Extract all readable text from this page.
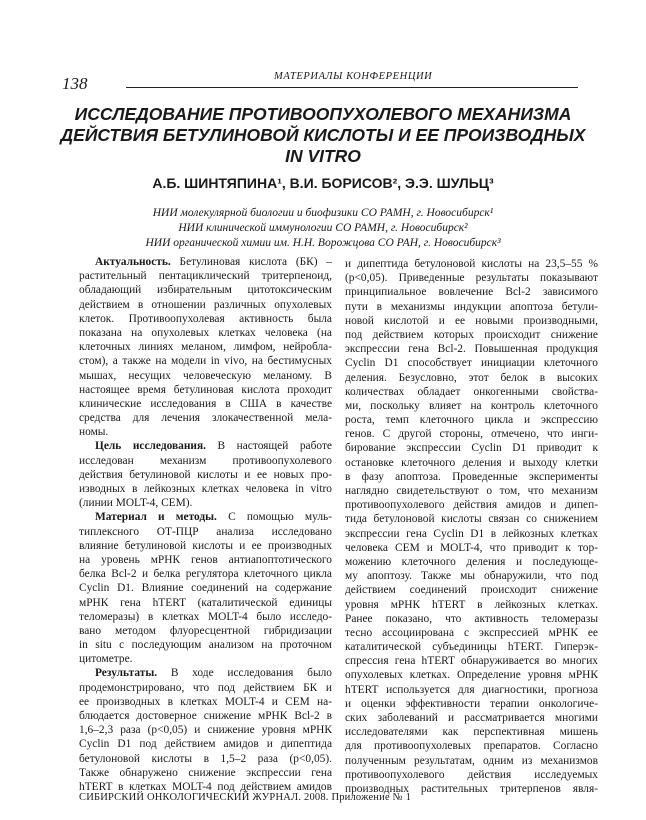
138	МАТЕРИАЛЫ КОНФЕРЕНЦИИ
ИССЛЕДОВАНИЕ ПРОТИВООПУХОЛЕВОГО МЕХАНИЗМА
ДЕЙСТВИЯ БЕТУЛИНОВОЙ КИСЛОТЫ И ЕЕ ПРОИЗВОДНЫХ
IN VITRO
А.Б. ШИНТЯПИНА¹, В.И. БОРИСОВ², Э.Э. ШУЛЬЦ³
НИИ молекулярной биологии и биофизики СО РАМН, г. Новосибирск¹
НИИ клинической иммунологии СО РАМН, г. Новосибирск²
НИИ органической химии им. Н.Н. Ворожцова СО РАН, г. Новосибирск³
Актуальность. Бетулиновая кислота (БК) –
растительный пентациклический тритерпеноид,
обладающий избирательным цитотоксическим
действием в отношении различных опухолевых
клеток. Противоопухолевая активность была
показана на опухолевых клетках человека (на
клеточных линиях меланом, лимфом, нейробла-
стом), а также на модели in vivo, на бестимусных
мышах, несущих человеческую меланому. В
настоящее время бетулиновая кислота проходит
клинические исследования в США в качестве
средства для лечения злокачественной мела-
номы.
Цель исследования. В настоящей работе
исследован механизм противоопухолевого
действия бетулиновой кислоты и ее новых про-
изводных в лейкозных клетках человека in vitro
(линии MOLT-4, CEM).
Материал и методы. С помощью муль-
типлексного ОТ-ПЦР анализа исследовано
влияние бетулиновой кислоты и ее производных
на уровень мРНК генов антиапоптотического
белка Bcl-2 и белка регулятора клеточного цикла
Cyclin D1. Влияние соединений на содержание
мРНК гена hTERT (каталитической единицы
теломеразы) в клетках MOLT-4 было исследо-
вано методом флуоресцентной гибридизации
in situ с последующим анализом на проточном
цитометре.
Результаты. В ходе исследования было
продемонстрировано, что под действием БК и
ее производных в клетках MOLT-4 и CEM на-
блюдается достоверное снижение мРНК Bcl-2 в
1,6–2,3 раза (p<0,05) и снижение уровня мРНК
Cyclin D1 под действием амидов и дипептида
бетулоновой кислоты в 1,5–2 раза (p<0,05).
Также обнаружено снижение экспрессии гена
hTERT в клетках MOLT-4 под действием амидов
и дипептида бетулоновой кислоты на 23,5–55 %
(p<0,05). Приведенные результаты показывают
принципиальное вовлечение Bcl-2 зависимого
пути в механизмы индукции апоптоза бетули-
новой кислотой и ее новыми производными,
под действием которых происходит снижение
экспрессии гена Bcl-2. Повышенная продукция
Cyclin D1 способствует инициации клеточного
деления. Безусловно, этот белок в высоких
количествах обладает онкогенными свойства-
ми, поскольку влияет на контроль клеточного
роста, темп клеточного цикла и экспрессию
генов. С другой стороны, отмечено, что инги-
бирование экспрессии Cyclin D1 приводит к
остановке клеточного деления и выходу клетки
в фазу апоптоза. Проведенные эксперименты
наглядно свидетельствуют о том, что механизм
противоопухолевого действия амидов и дипеп-
тида бетулоновой кислоты связан со снижением
экспрессии гена Cyclin D1 в лейкозных клетках
человека CEM и MOLT-4, что приводит к тор-
можению клеточного деления и последующе-
му апоптозу. Также мы обнаружили, что под
действием соединений происходит снижение
уровня мРНК hTERT в лейкозных клетках.
Ранее показано, что активность теломеразы
тесно ассоциирована с экспрессией мРНК ее
каталитической субъединицы hTERT. Гиперэк-
спрессия гена hTERT обнаруживается во многих
опухолевых клетках. Определение уровня мРНК
hTERT используется для диагностики, прогноза
и оценки эффективности терапии онкологиче-
ских заболеваний и рассматривается многими
исследователями как перспективная мишень
для противоопухолевых препаратов. Согласно
полученным результатам, одним из механизмов
противоопухолевого действия исследуемых
производных растительных тритерпенов явля-
СИБИРСКИЙ ОНКОЛОГИЧЕСКИЙ ЖУРНАЛ. 2008. Приложение № 1
